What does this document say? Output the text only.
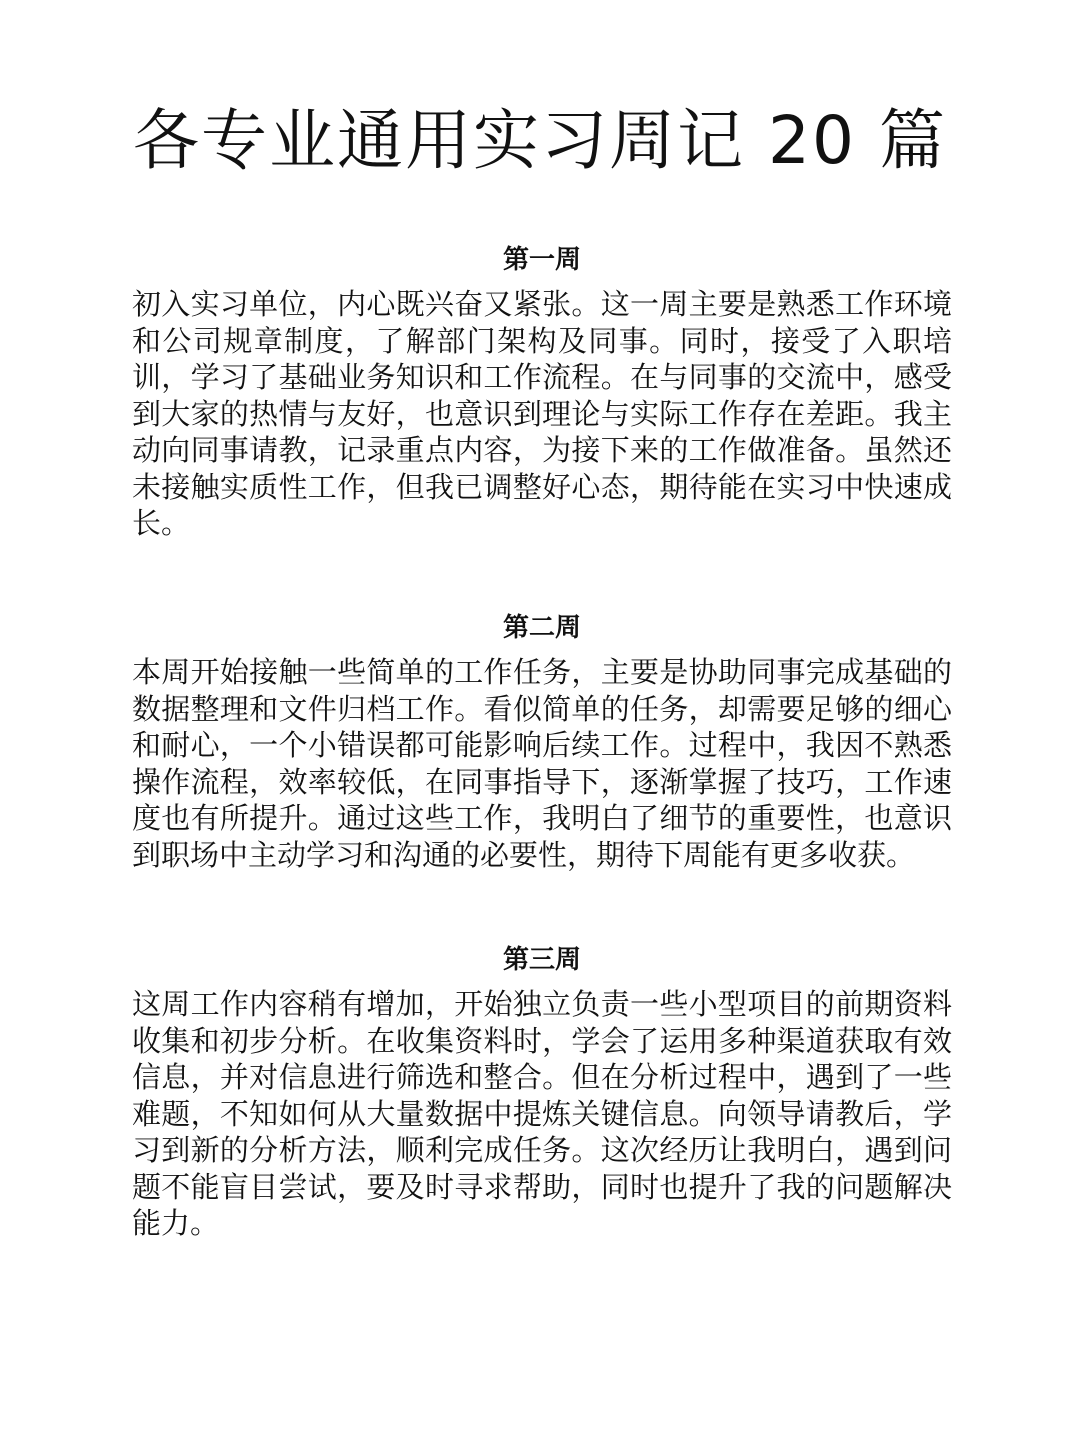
各专业通用实习周记 20 篇
第一周

初入实习单位，内心既兴奋又紧张。这一周主要是熟悉工作环境和公司规章制度，了解部门架构及同事。同时，接受了入职培训，学习了基础业务知识和工作流程。在与同事的交流中，感受到大家的热情与友好，也意识到理论与实际工作存在差距。我主动向同事请教，记录重点内容，为接下来的工作做准备。虽然还未接触实质性工作，但我已调整好心态，期待能在实习中快速成长。

第二周

本周开始接触一些简单的工作任务，主要是协助同事完成基础的数据整理和文件归档工作。看似简单的任务，却需要足够的细心和耐心，一个小错误都可能影响后续工作。过程中，我因不熟悉操作流程，效率较低，在同事指导下，逐渐掌握了技巧，工作速度也有所提升。通过这些工作，我明白了细节的重要性，也意识到职场中主动学习和沟通的必要性，期待下周能有更多收获。

第三周

这周工作内容稍有增加，开始独立负责一些小型项目的前期资料收集和初步分析。在收集资料时，学会了运用多种渠道获取有效信息，并对信息进行筛选和整合。但在分析过程中，遇到了一些难题，不知如何从大量数据中提炼关键信息。向领导请教后，学习到新的分析方法，顺利完成任务。这次经历让我明白，遇到问题不能盲目尝试，要及时寻求帮助，同时也提升了我的问题解决能力。
